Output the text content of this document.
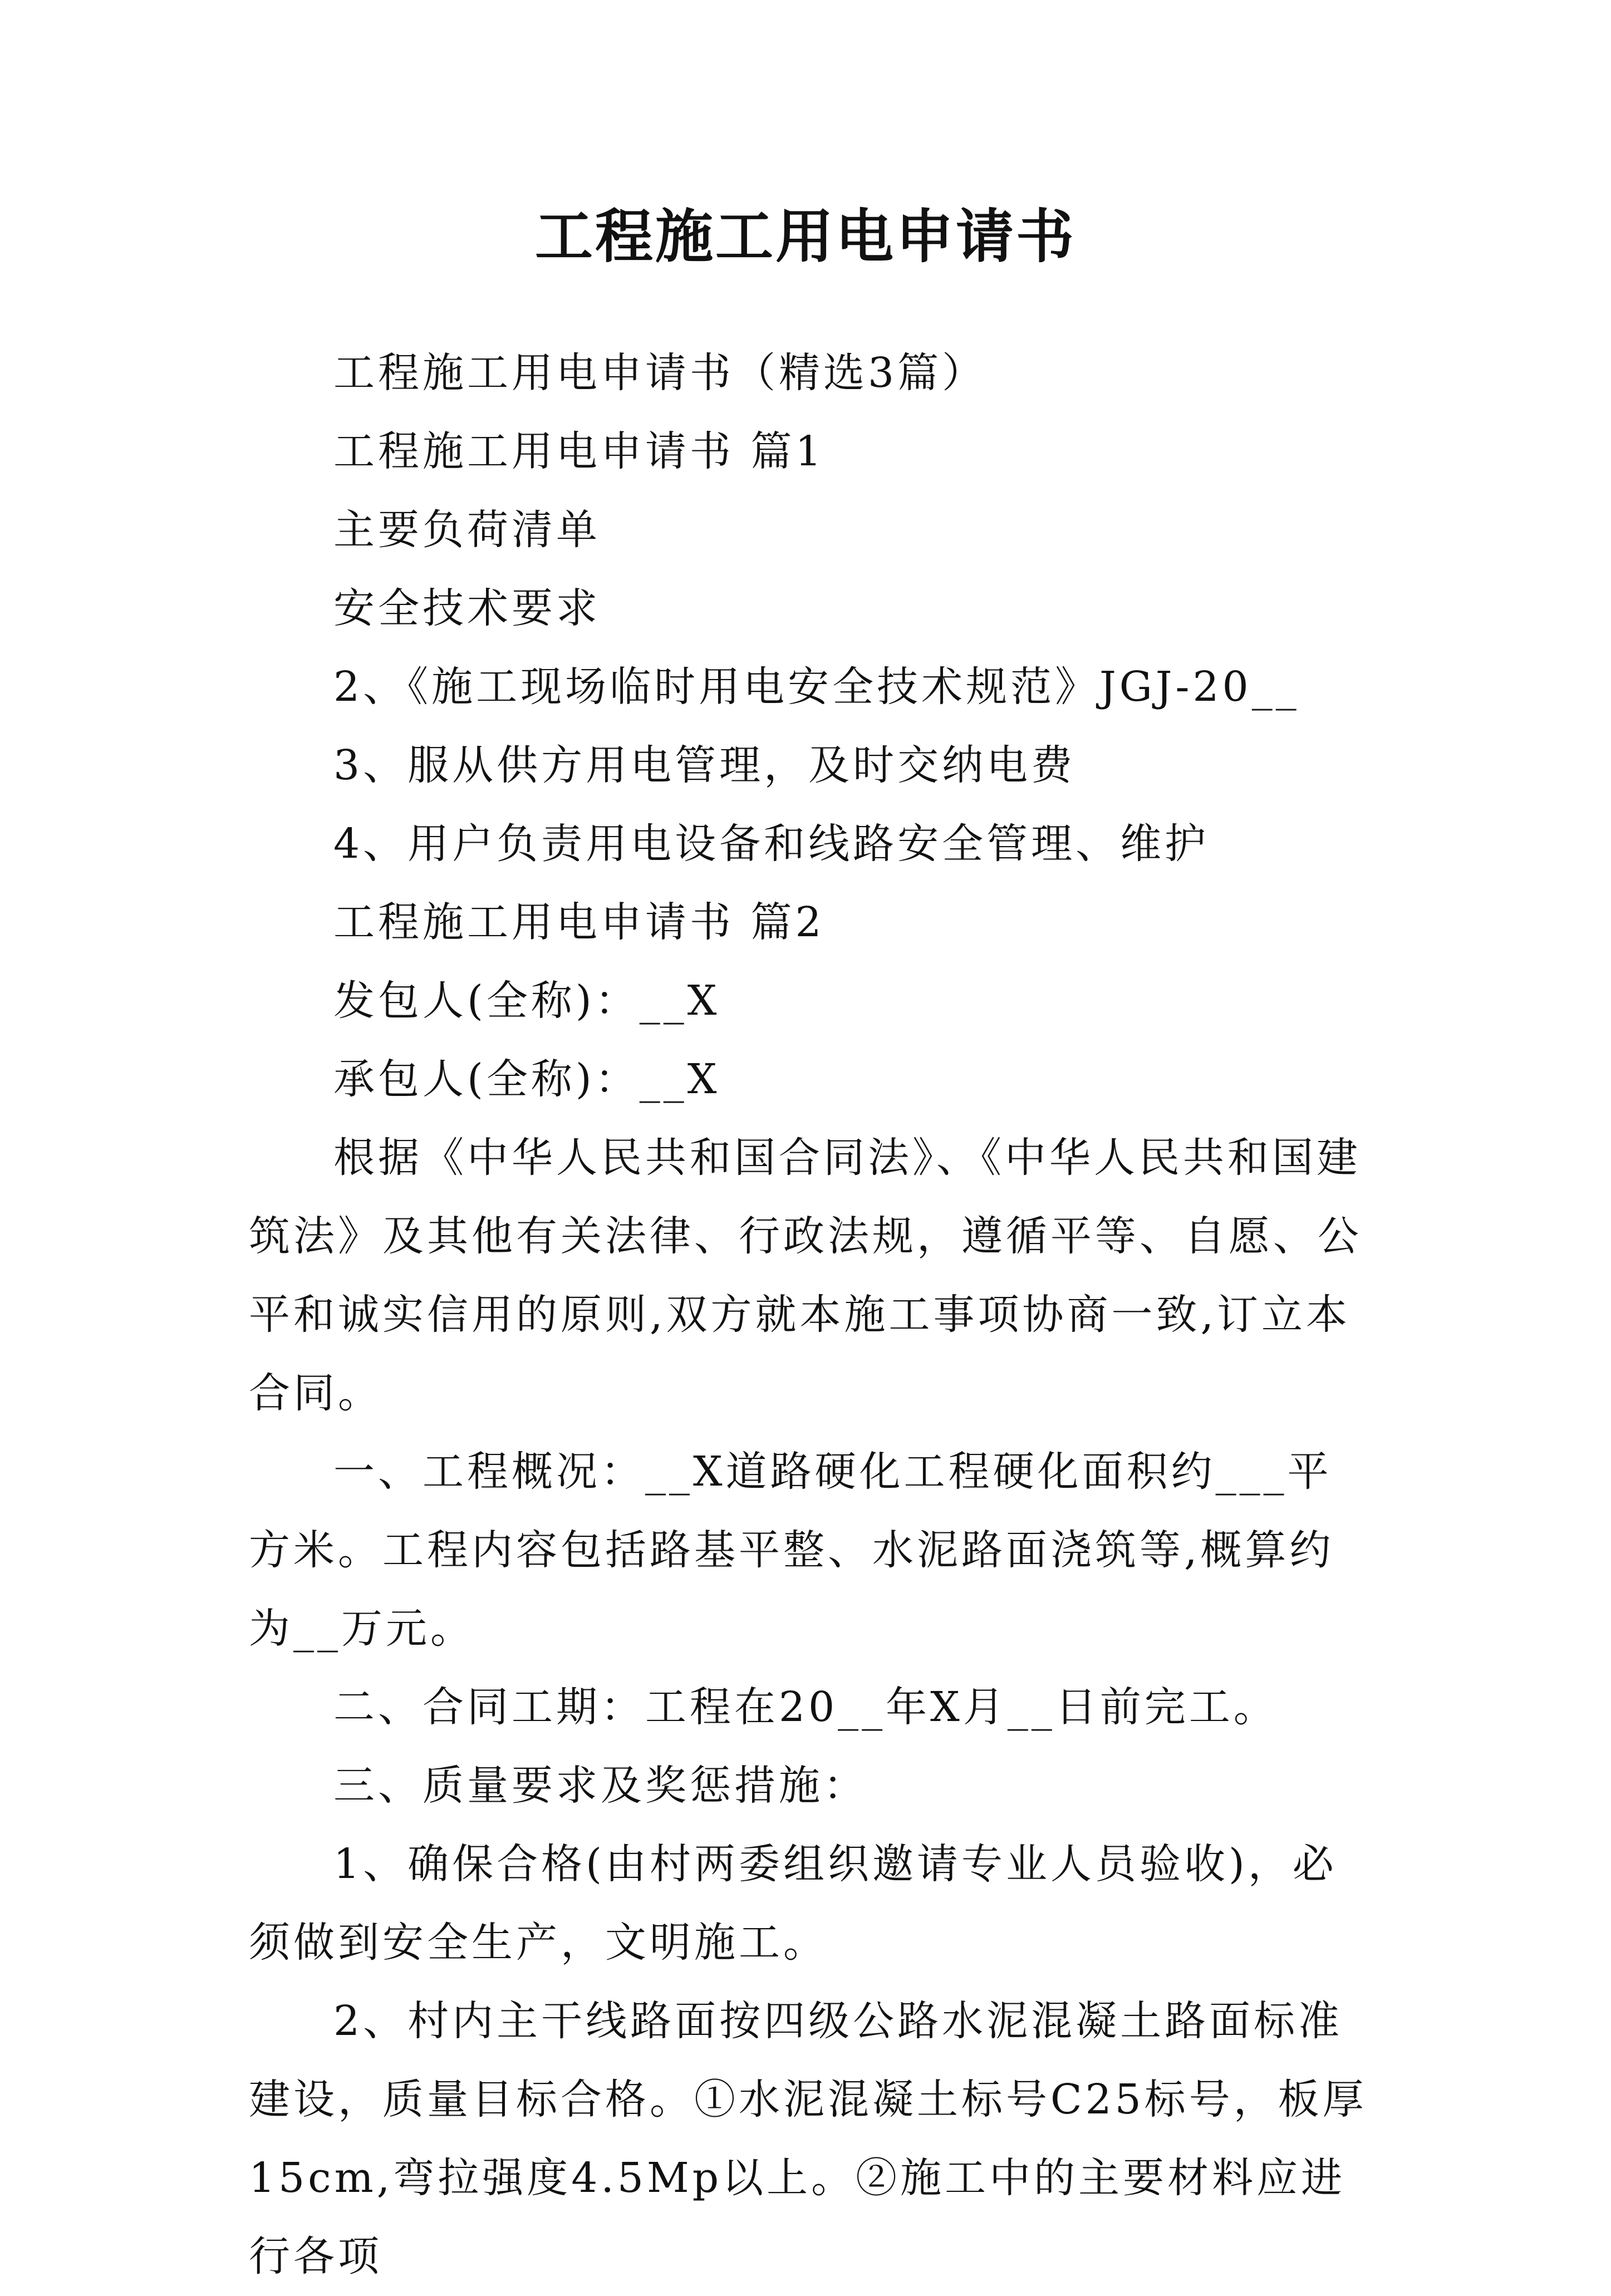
工程施工用电申请书

工程施工用电申请书（精选3篇）

工程施工用电申请书 篇1

主要负荷清单

安全技术要求

2、《施工现场临时用电安全技术规范》JGJ-20__

3、服从供方用电管理，及时交纳电费

4、用户负责用电设备和线路安全管理、维护

工程施工用电申请书 篇2

发包人(全称)：__X

承包人(全称)：__X

根据《中华人民共和国合同法》、《中华人民共和国建筑法》及其他有关法律、行政法规，遵循平等、自愿、公平和诚实信用的原则,双方就本施工事项协商一致,订立本合同。

一、工程概况：__X道路硬化工程硬化面积约___平方米。工程内容包括路基平整、水泥路面浇筑等,概算约为__万元。

二、合同工期：工程在20__年X月__日前完工。

三、质量要求及奖惩措施：

1、确保合格(由村两委组织邀请专业人员验收)，必须做到安全生产，文明施工。

2、村内主干线路面按四级公路水泥混凝土路面标准建设，质量目标合格。①水泥混凝土标号C25标号，板厚15cm,弯拉强度4.5Mp以上。②施工中的主要材料应进行各项
